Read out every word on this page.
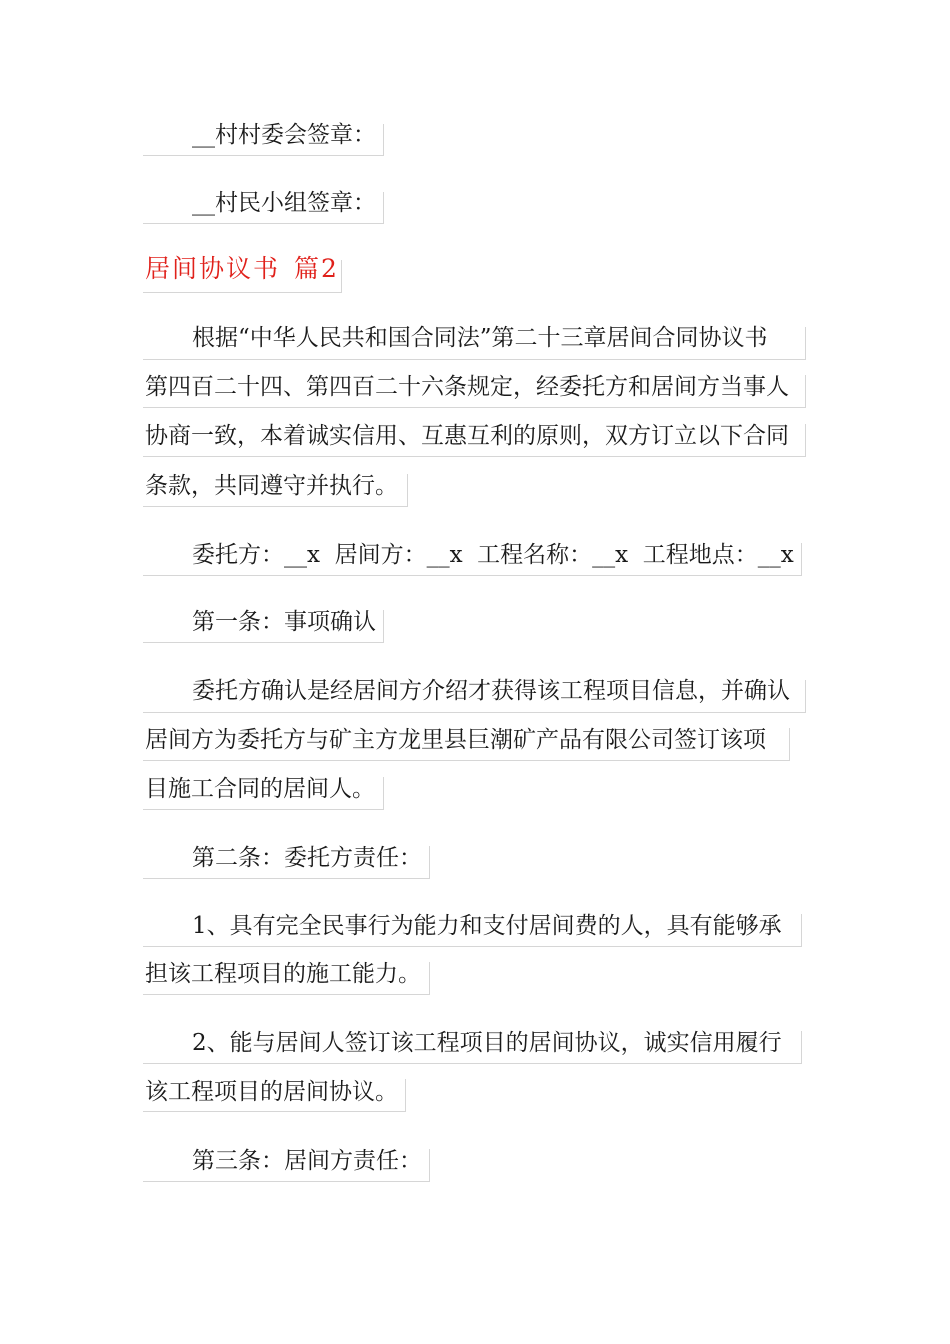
__村村委会签章：
__村民小组签章：
居间协议书 篇2
根据“中华人民共和国合同法”第二十三章居间合同协议书
第四百二十四、第四百二十六条规定，经委托方和居间方当事人
协商一致，本着诚实信用、互惠互利的原则，双方订立以下合同
条款，共同遵守并执行。
委托方：__x  居间方：__x  工程名称：__x  工程地点：__x
第一条：事项确认
委托方确认是经居间方介绍才获得该工程项目信息，并确认
居间方为委托方与矿主方龙里县巨潮矿产品有限公司签订该项
目施工合同的居间人。
第二条：委托方责任：
1、具有完全民事行为能力和支付居间费的人，具有能够承
担该工程项目的施工能力。
2、能与居间人签订该工程项目的居间协议，诚实信用履行
该工程项目的居间协议。
第三条：居间方责任：
